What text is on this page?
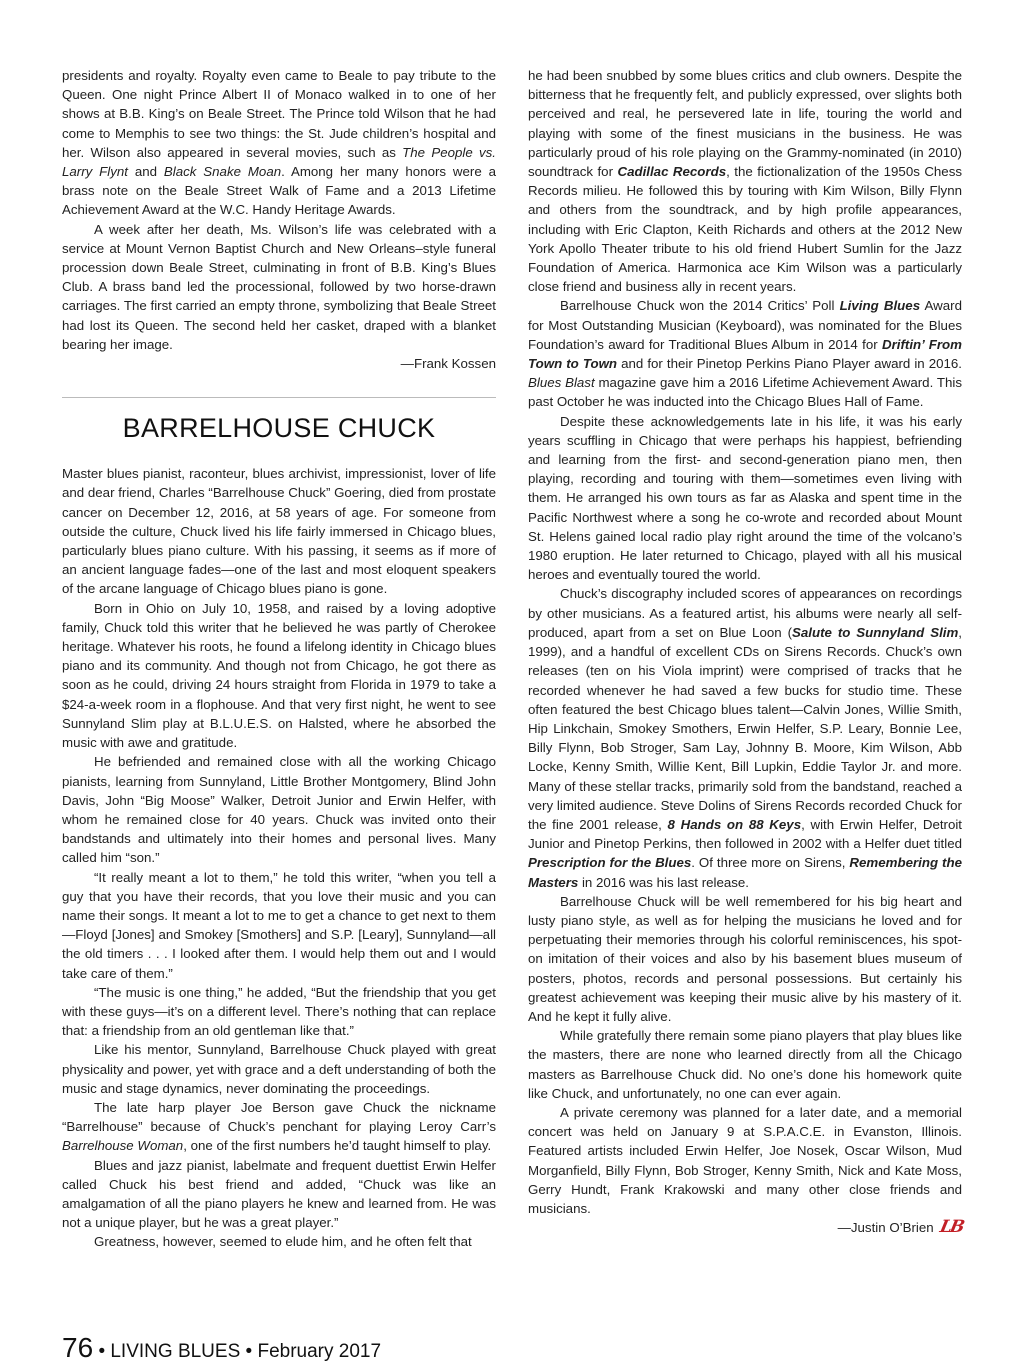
presidents and royalty. Royalty even came to Beale to pay tribute to the Queen. One night Prince Albert II of Monaco walked in to one of her shows at B.B. King’s on Beale Street. The Prince told Wilson that he had come to Memphis to see two things: the St. Jude children’s hospital and her. Wilson also appeared in several movies, such as The People vs. Larry Flynt and Black Snake Moan. Among her many honors were a brass note on the Beale Street Walk of Fame and a 2013 Lifetime Achievement Award at the W.C. Handy Heritage Awards.

A week after her death, Ms. Wilson’s life was celebrated with a service at Mount Vernon Baptist Church and New Orleans–style funeral procession down Beale Street, culminating in front of B.B. King’s Blues Club. A brass band led the processional, followed by two horse-drawn carriages. The first carried an empty throne, symbolizing that Beale Street had lost its Queen. The second held her casket, draped with a blanket bearing her image.

—Frank Kossen

BARRELHOUSE CHUCK

Master blues pianist, raconteur, blues archivist, impressionist, lover of life and dear friend, Charles “Barrelhouse Chuck” Goering, died from prostate cancer on December 12, 2016, at 58 years of age. For someone from outside the culture, Chuck lived his life fairly immersed in Chicago blues, particularly blues piano culture. With his passing, it seems as if more of an ancient language fades—one of the last and most eloquent speakers of the arcane language of Chicago blues piano is gone.

Born in Ohio on July 10, 1958, and raised by a loving adoptive family, Chuck told this writer that he believed he was partly of Cherokee heritage. Whatever his roots, he found a lifelong identity in Chicago blues piano and its community. And though not from Chicago, he got there as soon as he could, driving 24 hours straight from Florida in 1979 to take a $24-a-week room in a flophouse. And that very first night, he went to see Sunnyland Slim play at B.L.U.E.S. on Halsted, where he absorbed the music with awe and gratitude.

He befriended and remained close with all the working Chicago pianists, learning from Sunnyland, Little Brother Montgomery, Blind John Davis, John “Big Moose” Walker, Detroit Junior and Erwin Helfer, with whom he remained close for 40 years. Chuck was invited onto their bandstands and ultimately into their homes and personal lives. Many called him “son.”

“It really meant a lot to them,” he told this writer, “when you tell a guy that you have their records, that you love their music and you can name their songs. It meant a lot to me to get a chance to get next to them—Floyd [Jones] and Smokey [Smothers] and S.P. [Leary], Sunnyland—all the old timers . . . I looked after them. I would help them out and I would take care of them.”

“The music is one thing,” he added, “But the friendship that you get with these guys—it’s on a different level. There’s nothing that can replace that: a friendship from an old gentleman like that.”

Like his mentor, Sunnyland, Barrelhouse Chuck played with great physicality and power, yet with grace and a deft understanding of both the music and stage dynamics, never dominating the proceedings.

The late harp player Joe Berson gave Chuck the nickname “Barrelhouse” because of Chuck’s penchant for playing Leroy Carr’s Barrelhouse Woman, one of the first numbers he’d taught himself to play.

Blues and jazz pianist, labelmate and frequent duettist Erwin Helfer called Chuck his best friend and added, “Chuck was like an amalgamation of all the piano players he knew and learned from. He was not a unique player, but he was a great player.”

Greatness, however, seemed to elude him, and he often felt that

he had been snubbed by some blues critics and club owners. Despite the bitterness that he frequently felt, and publicly expressed, over slights both perceived and real, he persevered late in life, touring the world and playing with some of the finest musicians in the business. He was particularly proud of his role playing on the Grammy-nominated (in 2010) soundtrack for Cadillac Records, the fictionalization of the 1950s Chess Records milieu. He followed this by touring with Kim Wilson, Billy Flynn and others from the soundtrack, and by high profile appearances, including with Eric Clapton, Keith Richards and others at the 2012 New York Apollo Theater tribute to his old friend Hubert Sumlin for the Jazz Foundation of America. Harmonica ace Kim Wilson was a particularly close friend and business ally in recent years.

Barrelhouse Chuck won the 2014 Critics’ Poll Living Blues Award for Most Outstanding Musician (Keyboard), was nominated for the Blues Foundation’s award for Traditional Blues Album in 2014 for Driftin’ From Town to Town and for their Pinetop Perkins Piano Player award in 2016. Blues Blast magazine gave him a 2016 Lifetime Achievement Award. This past October he was inducted into the Chicago Blues Hall of Fame.

Despite these acknowledgements late in his life, it was his early years scuffling in Chicago that were perhaps his happiest, befriending and learning from the first- and second-generation piano men, then playing, recording and touring with them—sometimes even living with them. He arranged his own tours as far as Alaska and spent time in the Pacific Northwest where a song he co-wrote and recorded about Mount St. Helens gained local radio play right around the time of the volcano’s 1980 eruption. He later returned to Chicago, played with all his musical heroes and eventually toured the world.

Chuck’s discography included scores of appearances on recordings by other musicians. As a featured artist, his albums were nearly all self-produced, apart from a set on Blue Loon (Salute to Sunnyland Slim, 1999), and a handful of excellent CDs on Sirens Records. Chuck’s own releases (ten on his Viola imprint) were comprised of tracks that he recorded whenever he had saved a few bucks for studio time. These often featured the best Chicago blues talent—Calvin Jones, Willie Smith, Hip Linkchain, Smokey Smothers, Erwin Helfer, S.P. Leary, Bonnie Lee, Billy Flynn, Bob Stroger, Sam Lay, Johnny B. Moore, Kim Wilson, Abb Locke, Kenny Smith, Willie Kent, Bill Lupkin, Eddie Taylor Jr. and more. Many of these stellar tracks, primarily sold from the bandstand, reached a very limited audience. Steve Dolins of Sirens Records recorded Chuck for the fine 2001 release, 8 Hands on 88 Keys, with Erwin Helfer, Detroit Junior and Pinetop Perkins, then followed in 2002 with a Helfer duet titled Prescription for the Blues. Of three more on Sirens, Remembering the Masters in 2016 was his last release.

Barrelhouse Chuck will be well remembered for his big heart and lusty piano style, as well as for helping the musicians he loved and for perpetuating their memories through his colorful reminiscences, his spot-on imitation of their voices and also by his basement blues museum of posters, photos, records and personal possessions. But certainly his greatest achievement was keeping their music alive by his mastery of it. And he kept it fully alive.

While gratefully there remain some piano players that play blues like the masters, there are none who learned directly from all the Chicago masters as Barrelhouse Chuck did. No one’s done his homework quite like Chuck, and unfortunately, no one can ever again.

A private ceremony was planned for a later date, and a memorial concert was held on January 9 at S.P.A.C.E. in Evanston, Illinois. Featured artists included Erwin Helfer, Joe Nosek, Oscar Wilson, Mud Morganfield, Billy Flynn, Bob Stroger, Kenny Smith, Nick and Kate Moss, Gerry Hundt, Frank Krakowski and many other close friends and musicians.

—Justin O’Brien LB

76 • LIVING BLUES • February 2017
